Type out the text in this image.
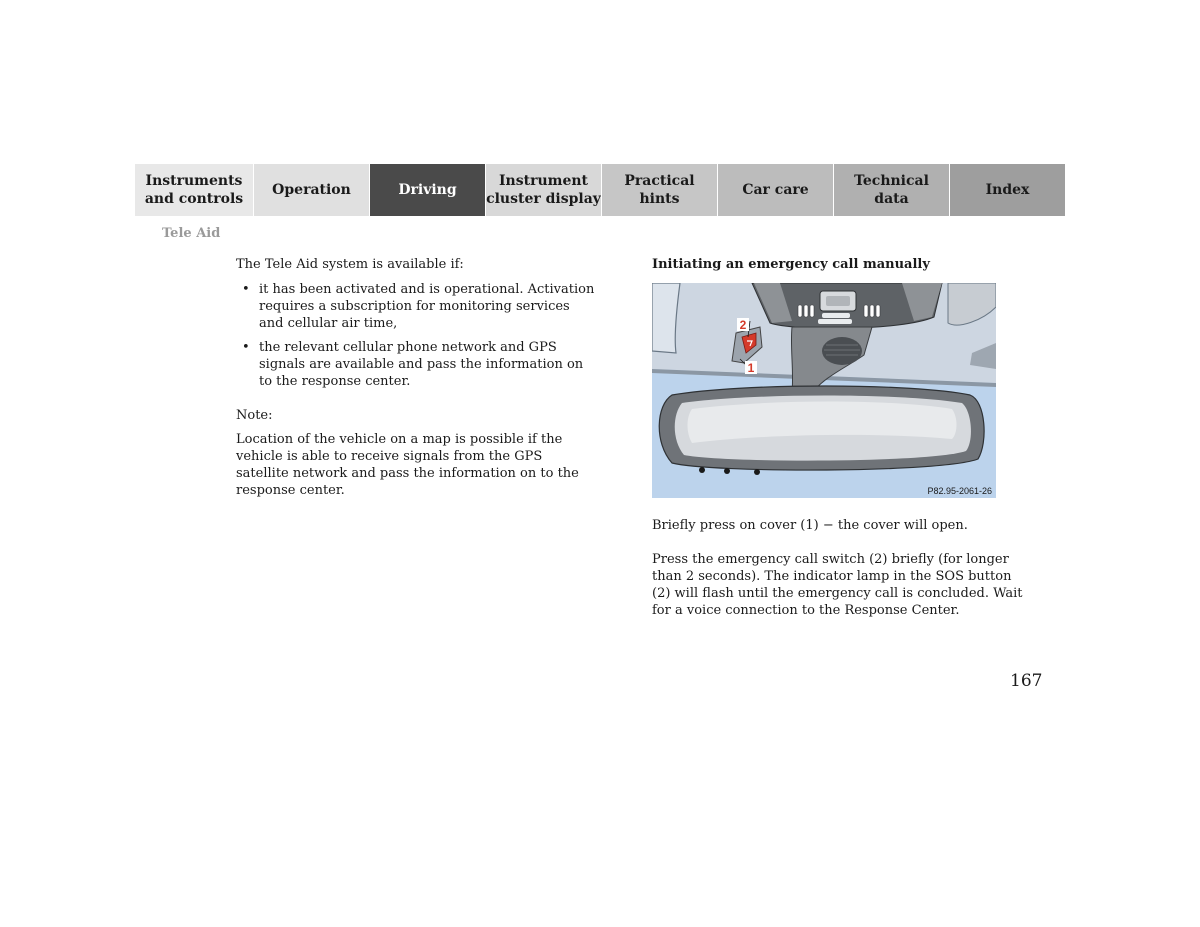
Instruments
and controls
Operation	Driving
Instrument
cluster display
Practical hints
Car care
Technical
data
Index
Tele Aid

The Tele Aid system is available if:

• it has been activated and is operational. Activation requires a subscription for monitoring services and cellular air time,
• the relevant cellular phone network and GPS signals are available and pass the information on to the response center.

Note:

Location of the vehicle on a map is possible if the vehicle is able to receive signals from the GPS satellite network and pass the information on to the response center.

Initiating an emergency call manually
2
1
P82.95-2061-26

Briefly press on cover (1) − the cover will open.

Press the emergency call switch (2) briefly (for longer than 2 seconds). The indicator lamp in the SOS button (2) will flash until the emergency call is concluded. Wait for a voice connection to the Response Center.

167
